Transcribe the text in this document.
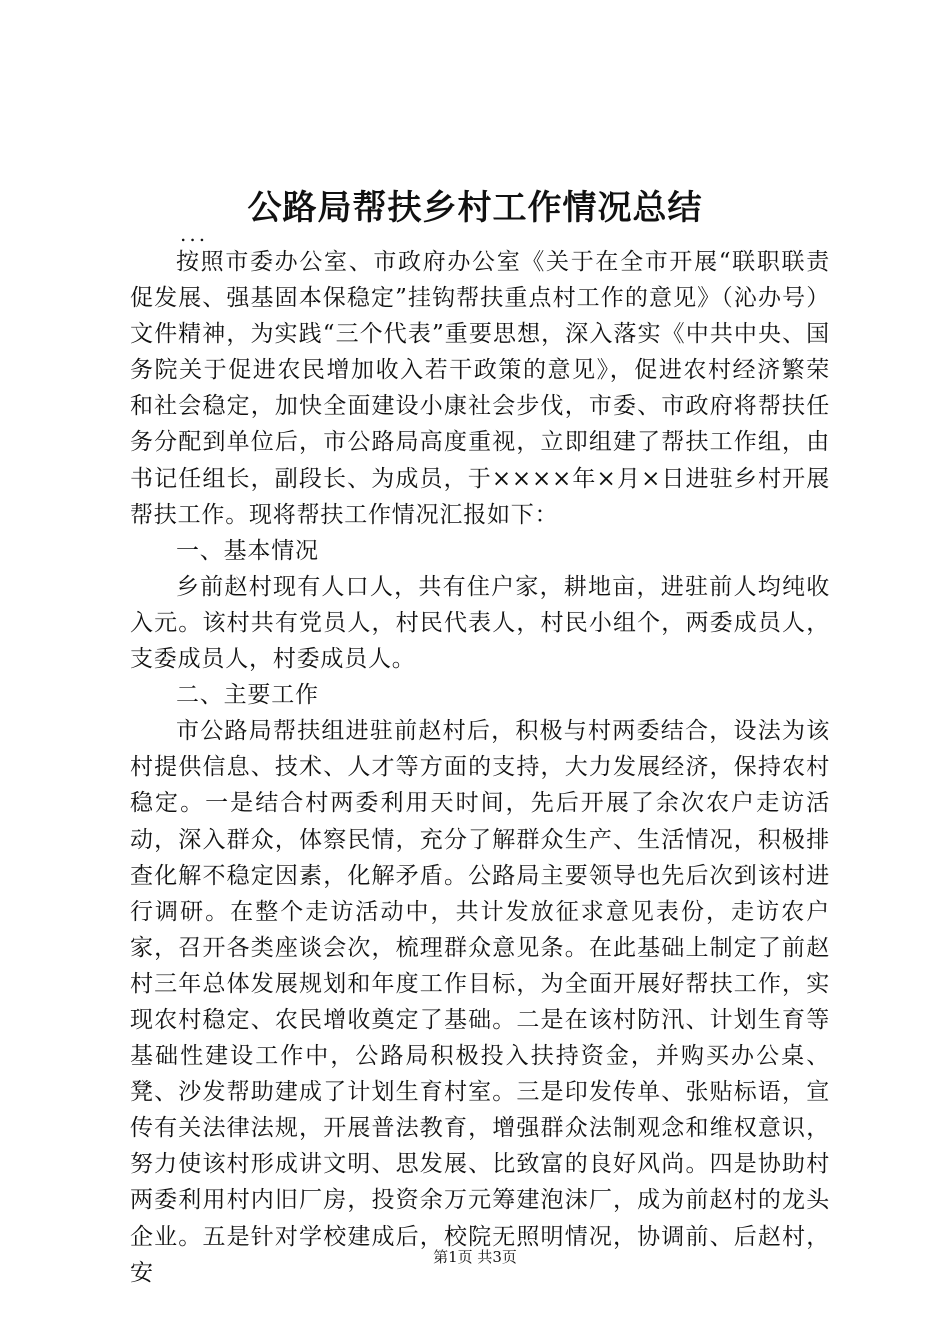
公路局帮扶乡村工作情况总结
...

按照市委办公室、市政府办公室《关于在全市开展“联职联责促发展、强基固本保稳定”挂钩帮扶重点村工作的意见》（沁办号）文件精神，为实践“三个代表”重要思想，深入落实《中共中央、国务院关于促进农民增加收入若干政策的意见》，促进农村经济繁荣和社会稳定，加快全面建设小康社会步伐，市委、市政府将帮扶任务分配到单位后，市公路局高度重视，立即组建了帮扶工作组，由书记任组长，副段长、为成员，于××××年×月×日进驻乡村开展帮扶工作。现将帮扶工作情况汇报如下：

一、基本情况

乡前赵村现有人口人，共有住户家，耕地亩，进驻前人均纯收入元。该村共有党员人，村民代表人，村民小组个，两委成员人，支委成员人，村委成员人。

二、主要工作

市公路局帮扶组进驻前赵村后，积极与村两委结合，设法为该村提供信息、技术、人才等方面的支持，大力发展经济，保持农村稳定。一是结合村两委利用天时间，先后开展了余次农户走访活动，深入群众，体察民情，充分了解群众生产、生活情况，积极排查化解不稳定因素，化解矛盾。公路局主要领导也先后次到该村进行调研。在整个走访活动中，共计发放征求意见表份，走访农户家，召开各类座谈会次，梳理群众意见条。在此基础上制定了前赵村三年总体发展规划和年度工作目标，为全面开展好帮扶工作，实现农村稳定、农民增收奠定了基础。二是在该村防汛、计划生育等基础性建设工作中，公路局积极投入扶持资金，并购买办公桌、凳、沙发帮助建成了计划生育村室。三是印发传单、张贴标语，宣传有关法律法规，开展普法教育，增强群众法制观念和维权意识，努力使该村形成讲文明、思发展、比致富的良好风尚。四是协助村两委利用村内旧厂房，投资余万元筹建泡沫厂，成为前赵村的龙头企业。五是针对学校建成后，校院无照明情况，协调前、后赵村，安

第1页 共3页
